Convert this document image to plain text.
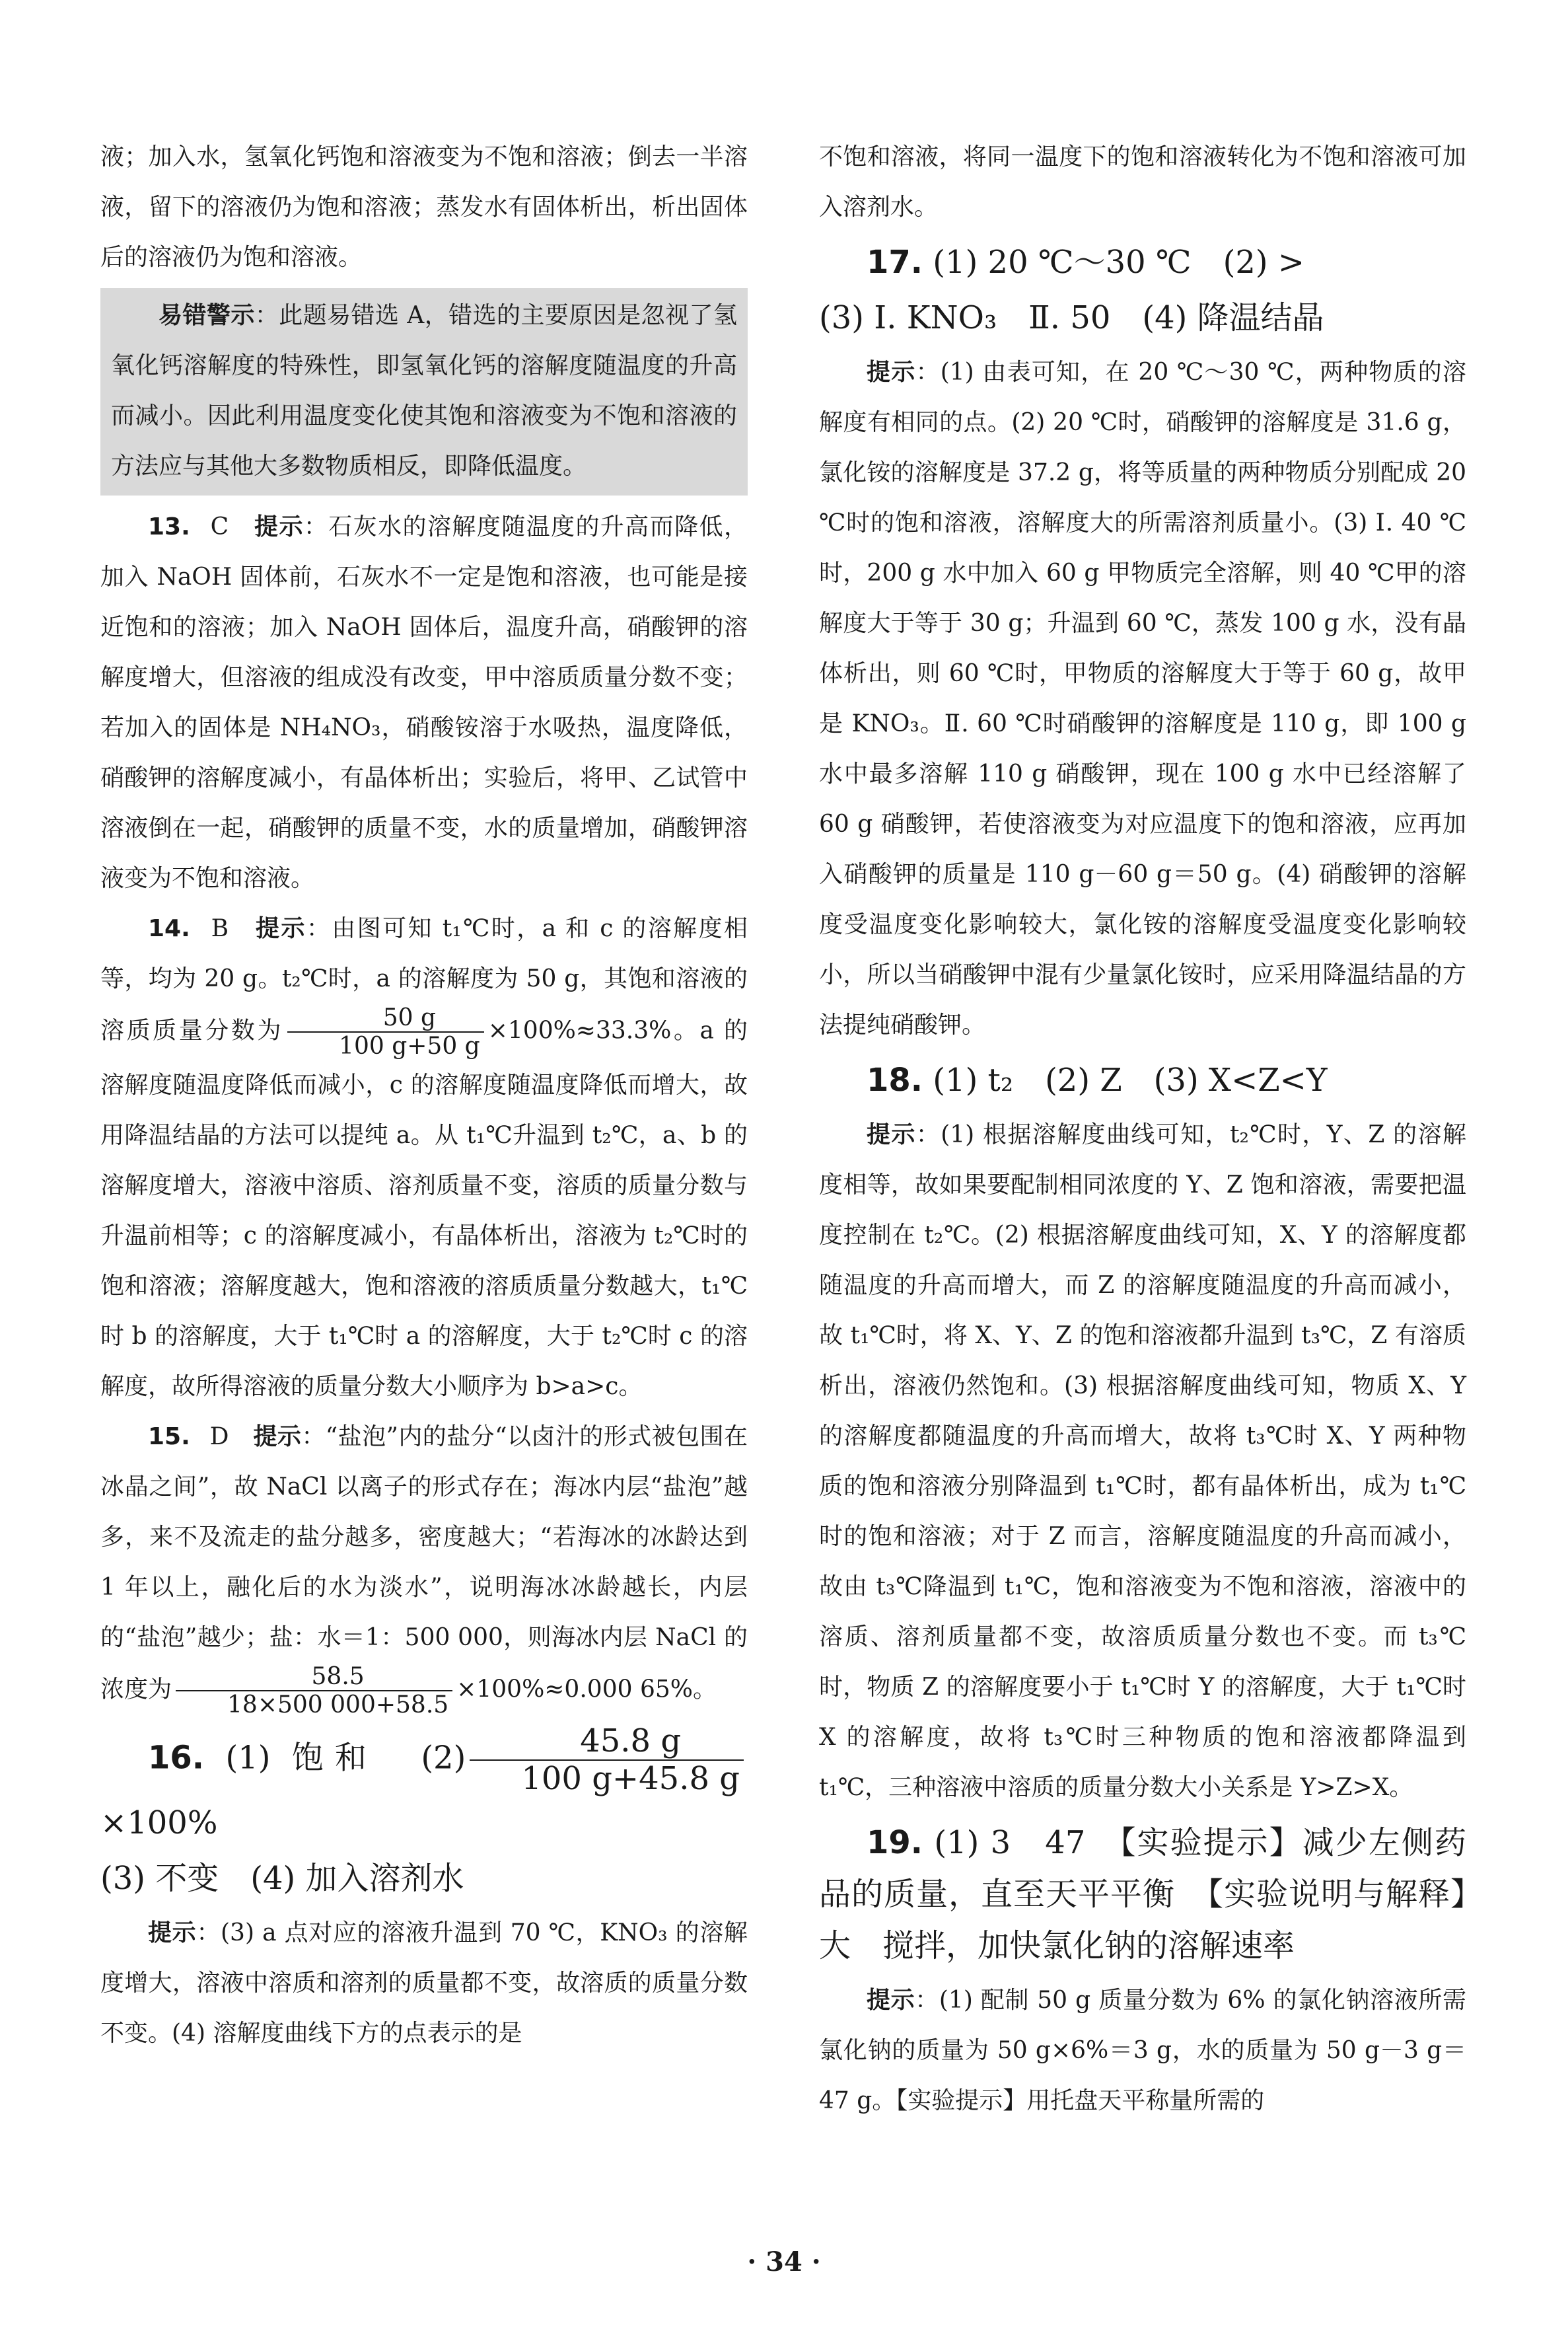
液；加入水，氢氧化钙饱和溶液变为不饱和溶液；倒去一半溶液，留下的溶液仍为饱和溶液；蒸发水有固体析出，析出固体后的溶液仍为饱和溶液。

易错警示：此题易错选 A，错选的主要原因是忽视了氢氧化钙溶解度的特殊性，即氢氧化钙的溶解度随温度的升高而减小。因此利用温度变化使其饱和溶液变为不饱和溶液的方法应与其他大多数物质相反，即降低温度。

13. C　 提示：石灰水的溶解度随温度的升高而降低，加入 NaOH 固体前，石灰水不一定是饱和溶液，也可能是接近饱和的溶液；加入 NaOH 固体后，温度升高，硝酸钾的溶解度增大，但溶液的组成没有改变，甲中溶质质量分数不变；若加入的固体是 NH₄NO₃，硝酸铵溶于水吸热，温度降低，硝酸钾的溶解度减小，有晶体析出；实验后，将甲、乙试管中溶液倒在一起，硝酸钾的质量不变，水的质量增加，硝酸钾溶液变为不饱和溶液。

14. B　 提示：由图可知 t₁℃时，a 和 c 的溶解度相等，均为 20 g。t₂℃时，a 的溶解度为 50 g，其饱和溶液的溶质质量分数为 $\frac{50 g}{100 g+50 g} \times 100\%\approx 33.3\%$。a 的溶解度随温度降低而减小，c 的溶解度随温度降低而增大，故用降温结晶的方法可以提纯 a。从 t₁℃升温到 t₂℃，a、b 的溶解度增大，溶液中溶质、溶剂质量不变，溶质的质量分数与升温前相等；c 的溶解度减小，有晶体析出，溶液为 t₂℃时的饱和溶液；溶解度越大，饱和溶液的溶质质量分数越大，t₁℃ 时 b 的溶解度，大于 t₁℃时 a 的溶解度，大于 t₂℃时 c 的溶解度，故所得溶液的质量分数大小顺序为 b>a>c。

15. D　 提示：“盐泡”内的盐分“以卤汁的形式被包围在冰晶之间”，故 NaCl 以离子的形式存在；海冰内层“盐泡”越多，来不及流走的盐分越多，密度越大；“若海冰的冰龄达到 1 年以上，融化后的水为淡水”，说明海冰冰龄越长，内层的“盐泡”越少；盐：水＝1：500 000，则海冰内层 NaCl 的浓度为 $\frac{58.5}{18\times 500 000+58.5} \times 100\%\approx 0.000$ 65%。

16. (1) 饱和　$(2) \frac{45.8 g}{100 g+45.8 g}$
×100%

(3) 不变　(4) 加入溶剂水

提示：(3) a 点对应的溶液升温到 70 ℃，KNO₃ 的溶解度增大，溶液中溶质和溶剂的质量都不变，故溶质的质量分数不变。(4) 溶解度曲线下方的点表示的是

不饱和溶液，将同一温度下的饱和溶液转化为不饱和溶液可加入溶剂水。

17. (1) 20 ℃～30 ℃　(2) >

(3) Ⅰ. KNO₃　Ⅱ. 50　(4) 降温结晶

提示：(1) 由表可知，在 20 ℃～30 ℃，两种物质的溶解度有相同的点。(2) 20 ℃时，硝酸钾的溶解度是 31.6 g，氯化铵的溶解度是 37.2 g，将等质量的两种物质分别配成 20 ℃时的饱和溶液，溶解度大的所需溶剂质量小。(3) Ⅰ. 40 ℃时，200 g 水中加入 60 g 甲物质完全溶解，则 40 ℃甲的溶解度大于等于 30 g；升温到 60 ℃，蒸发 100 g 水，没有晶体析出，则 60 ℃时，甲物质的溶解度大于等于 60 g，故甲是 KNO₃。Ⅱ. 60 ℃时硝酸钾的溶解度是 110 g，即 100 g 水中最多溶解 110 g 硝酸钾，现在 100 g 水中已经溶解了 60 g 硝酸钾，若使溶液变为对应温度下的饱和溶液，应再加入硝酸钾的质量是 110 g－60 g＝50 g。(4) 硝酸钾的溶解度受温度变化影响较大，氯化铵的溶解度受温度变化影响较小，所以当硝酸钾中混有少量氯化铵时，应采用降温结晶的方法提纯硝酸钾。

18. (1) t₂　(2) Z　(3) X<Z<Y

提示：(1) 根据溶解度曲线可知，t₂℃时，Y、Z 的溶解度相等，故如果要配制相同浓度的 Y、Z 饱和溶液，需要把温度控制在 t₂℃。(2) 根据溶解度曲线可知，X、Y 的溶解度都随温度的升高而增大，而 Z 的溶解度随温度的升高而减小，故 t₁℃时，将 X、Y、Z 的饱和溶液都升温到 t₃℃，Z 有溶质析出，溶液仍然饱和。(3) 根据溶解度曲线可知，物质 X、Y 的溶解度都随温度的升高而增大，故将 t₃℃时 X、Y 两种物质的饱和溶液分别降温到 t₁℃时，都有晶体析出，成为 t₁℃时的饱和溶液；对于 Z 而言，溶解度随温度的升高而减小，故由 t₃℃降温到 t₁℃，饱和溶液变为不饱和溶液，溶液中的溶质、溶剂质量都不变，故溶质质量分数也不变。而 t₃℃时，物质 Z 的溶解度要小于 t₁℃时 Y 的溶解度，大于 t₁℃时 X 的溶解度，故将 t₃℃时三种物质的饱和溶液都降温到 t₁℃，三种溶液中溶质的质量分数大小关系是 Y>Z>X。

19. (1) 3　47　【实验提示】减少左侧药品的质量，直至天平平衡　【实验说明与解释】大　搅拌，加快氯化钠的溶解速率

提示：(1) 配制 50 g 质量分数为 6% 的氯化钠溶液所需氯化钠的质量为 50 g×6%＝3 g，水的质量为 50 g－3 g＝47 g。【实验提示】用托盘天平称量所需的

· 34 ·
